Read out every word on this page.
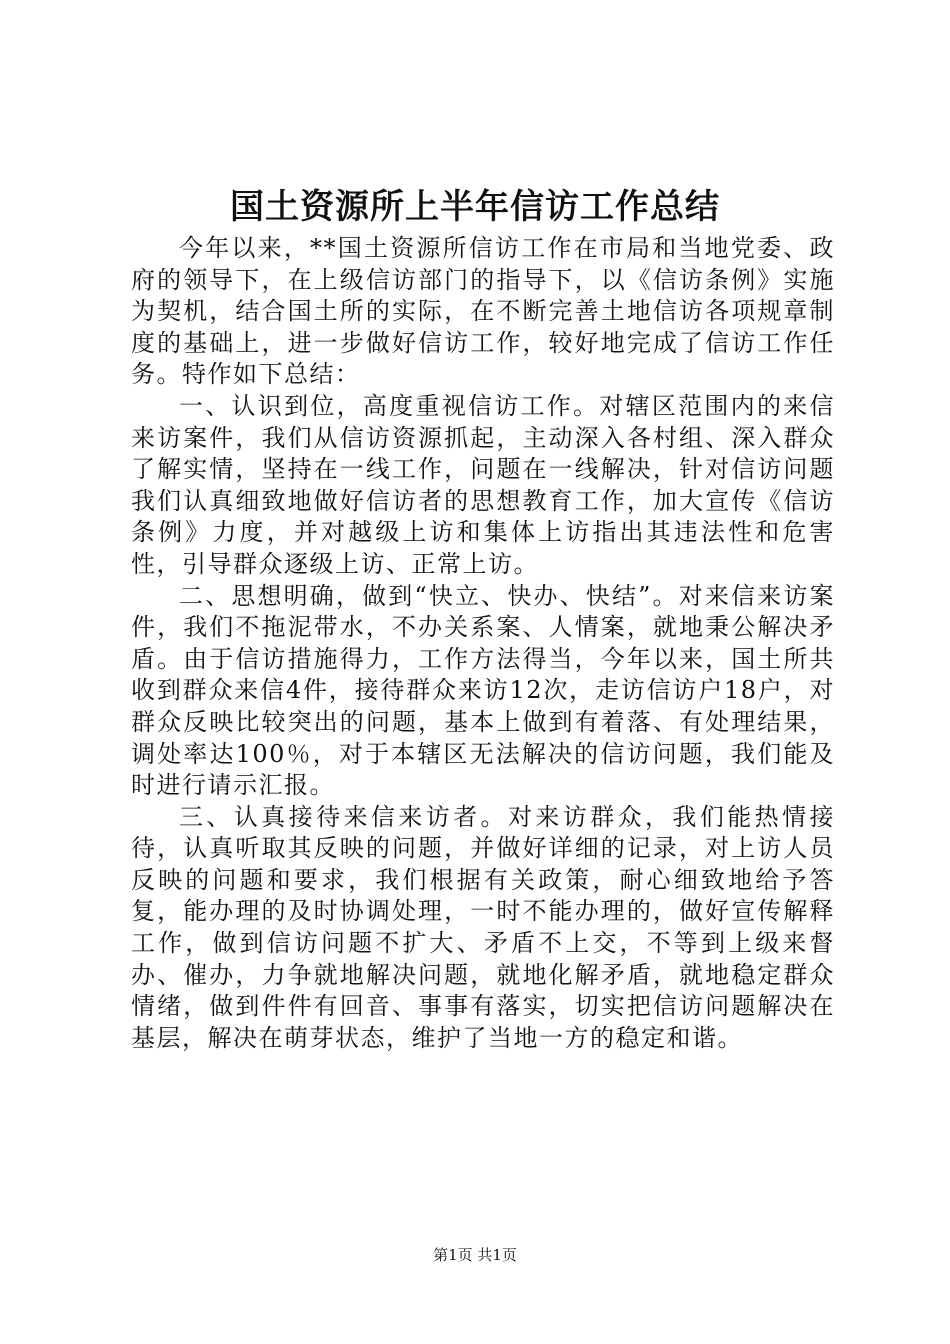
国土资源所上半年信访工作总结

今年以来，**国土资源所信访工作在市局和当地党委、政府的领导下，在上级信访部门的指导下，以《信访条例》实施为契机，结合国土所的实际，在不断完善土地信访各项规章制度的基础上，进一步做好信访工作，较好地完成了信访工作任务。特作如下总结：

一、认识到位，高度重视信访工作。对辖区范围内的来信来访案件，我们从信访资源抓起，主动深入各村组、深入群众了解实情，坚持在一线工作，问题在一线解决，针对信访问题我们认真细致地做好信访者的思想教育工作，加大宣传《信访条例》力度，并对越级上访和集体上访指出其违法性和危害性，引导群众逐级上访、正常上访。

二、思想明确，做到“快立、快办、快结”。对来信来访案件，我们不拖泥带水，不办关系案、人情案，就地秉公解决矛盾。由于信访措施得力，工作方法得当，今年以来，国土所共收到群众来信4件，接待群众来访12次，走访信访户18户，对群众反映比较突出的问题，基本上做到有着落、有处理结果，调处率达100％，对于本辖区无法解决的信访问题，我们能及时进行请示汇报。

三、认真接待来信来访者。对来访群众，我们能热情接待，认真听取其反映的问题，并做好详细的记录，对上访人员反映的问题和要求，我们根据有关政策，耐心细致地给予答复，能办理的及时协调处理，一时不能办理的，做好宣传解释工作，做到信访问题不扩大、矛盾不上交，不等到上级来督办、催办，力争就地解决问题，就地化解矛盾，就地稳定群众情绪，做到件件有回音、事事有落实，切实把信访问题解决在基层，解决在萌芽状态，维护了当地一方的稳定和谐。

第1页 共1页
